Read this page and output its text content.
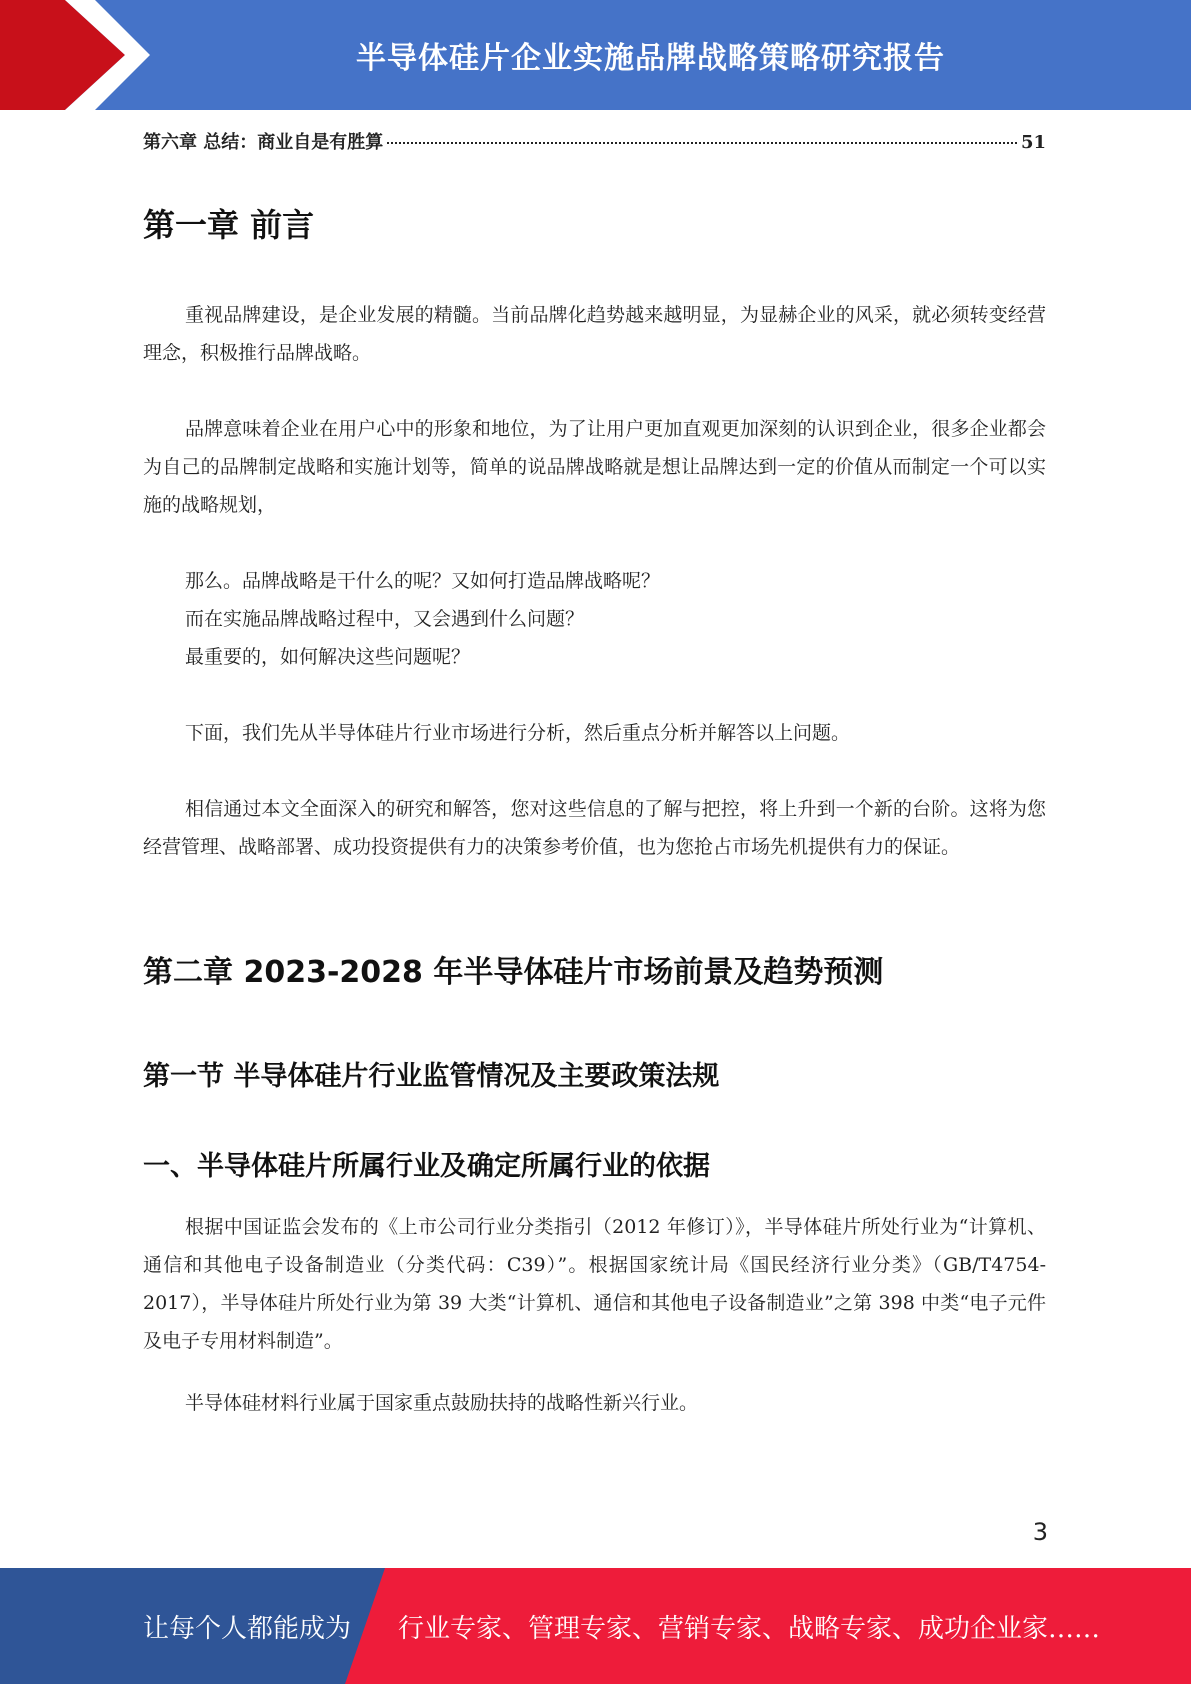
半导体硅片企业实施品牌战略策略研究报告
第六章 总结：商业自是有胜算	51
第一章 前言

重视品牌建设，是企业发展的精髓。当前品牌化趋势越来越明显，为显赫企业的风采，就必须转变经营理念，积极推行品牌战略。

品牌意味着企业在用户心中的形象和地位，为了让用户更加直观更加深刻的认识到企业，很多企业都会为自己的品牌制定战略和实施计划等，简单的说品牌战略就是想让品牌达到一定的价值从而制定一个可以实施的战略规划，

那么。品牌战略是干什么的呢？又如何打造品牌战略呢？

而在实施品牌战略过程中，又会遇到什么问题？

最重要的，如何解决这些问题呢？

下面，我们先从半导体硅片行业市场进行分析，然后重点分析并解答以上问题。

相信通过本文全面深入的研究和解答，您对这些信息的了解与把控，将上升到一个新的台阶。这将为您经营管理、战略部署、成功投资提供有力的决策参考价值，也为您抢占市场先机提供有力的保证。

第二章 2023-2028 年半导体硅片市场前景及趋势预测
第一节 半导体硅片行业监管情况及主要政策法规
一、半导体硅片所属行业及确定所属行业的依据

根据中国证监会发布的《上市公司行业分类指引（2012 年修订）》，半导体硅片所处行业为“计算机、通信和其他电子设备制造业（分类代码：C39）”。根据国家统计局《国民经济行业分类》（GB/T4754-2017），半导体硅片所处行业为第 39 大类“计算机、通信和其他电子设备制造业”之第 398 中类“电子元件及电子专用材料制造”。

半导体硅材料行业属于国家重点鼓励扶持的战略性新兴行业。

3
让每个人都能成为 行业专家、管理专家、营销专家、战略专家、成功企业家……
